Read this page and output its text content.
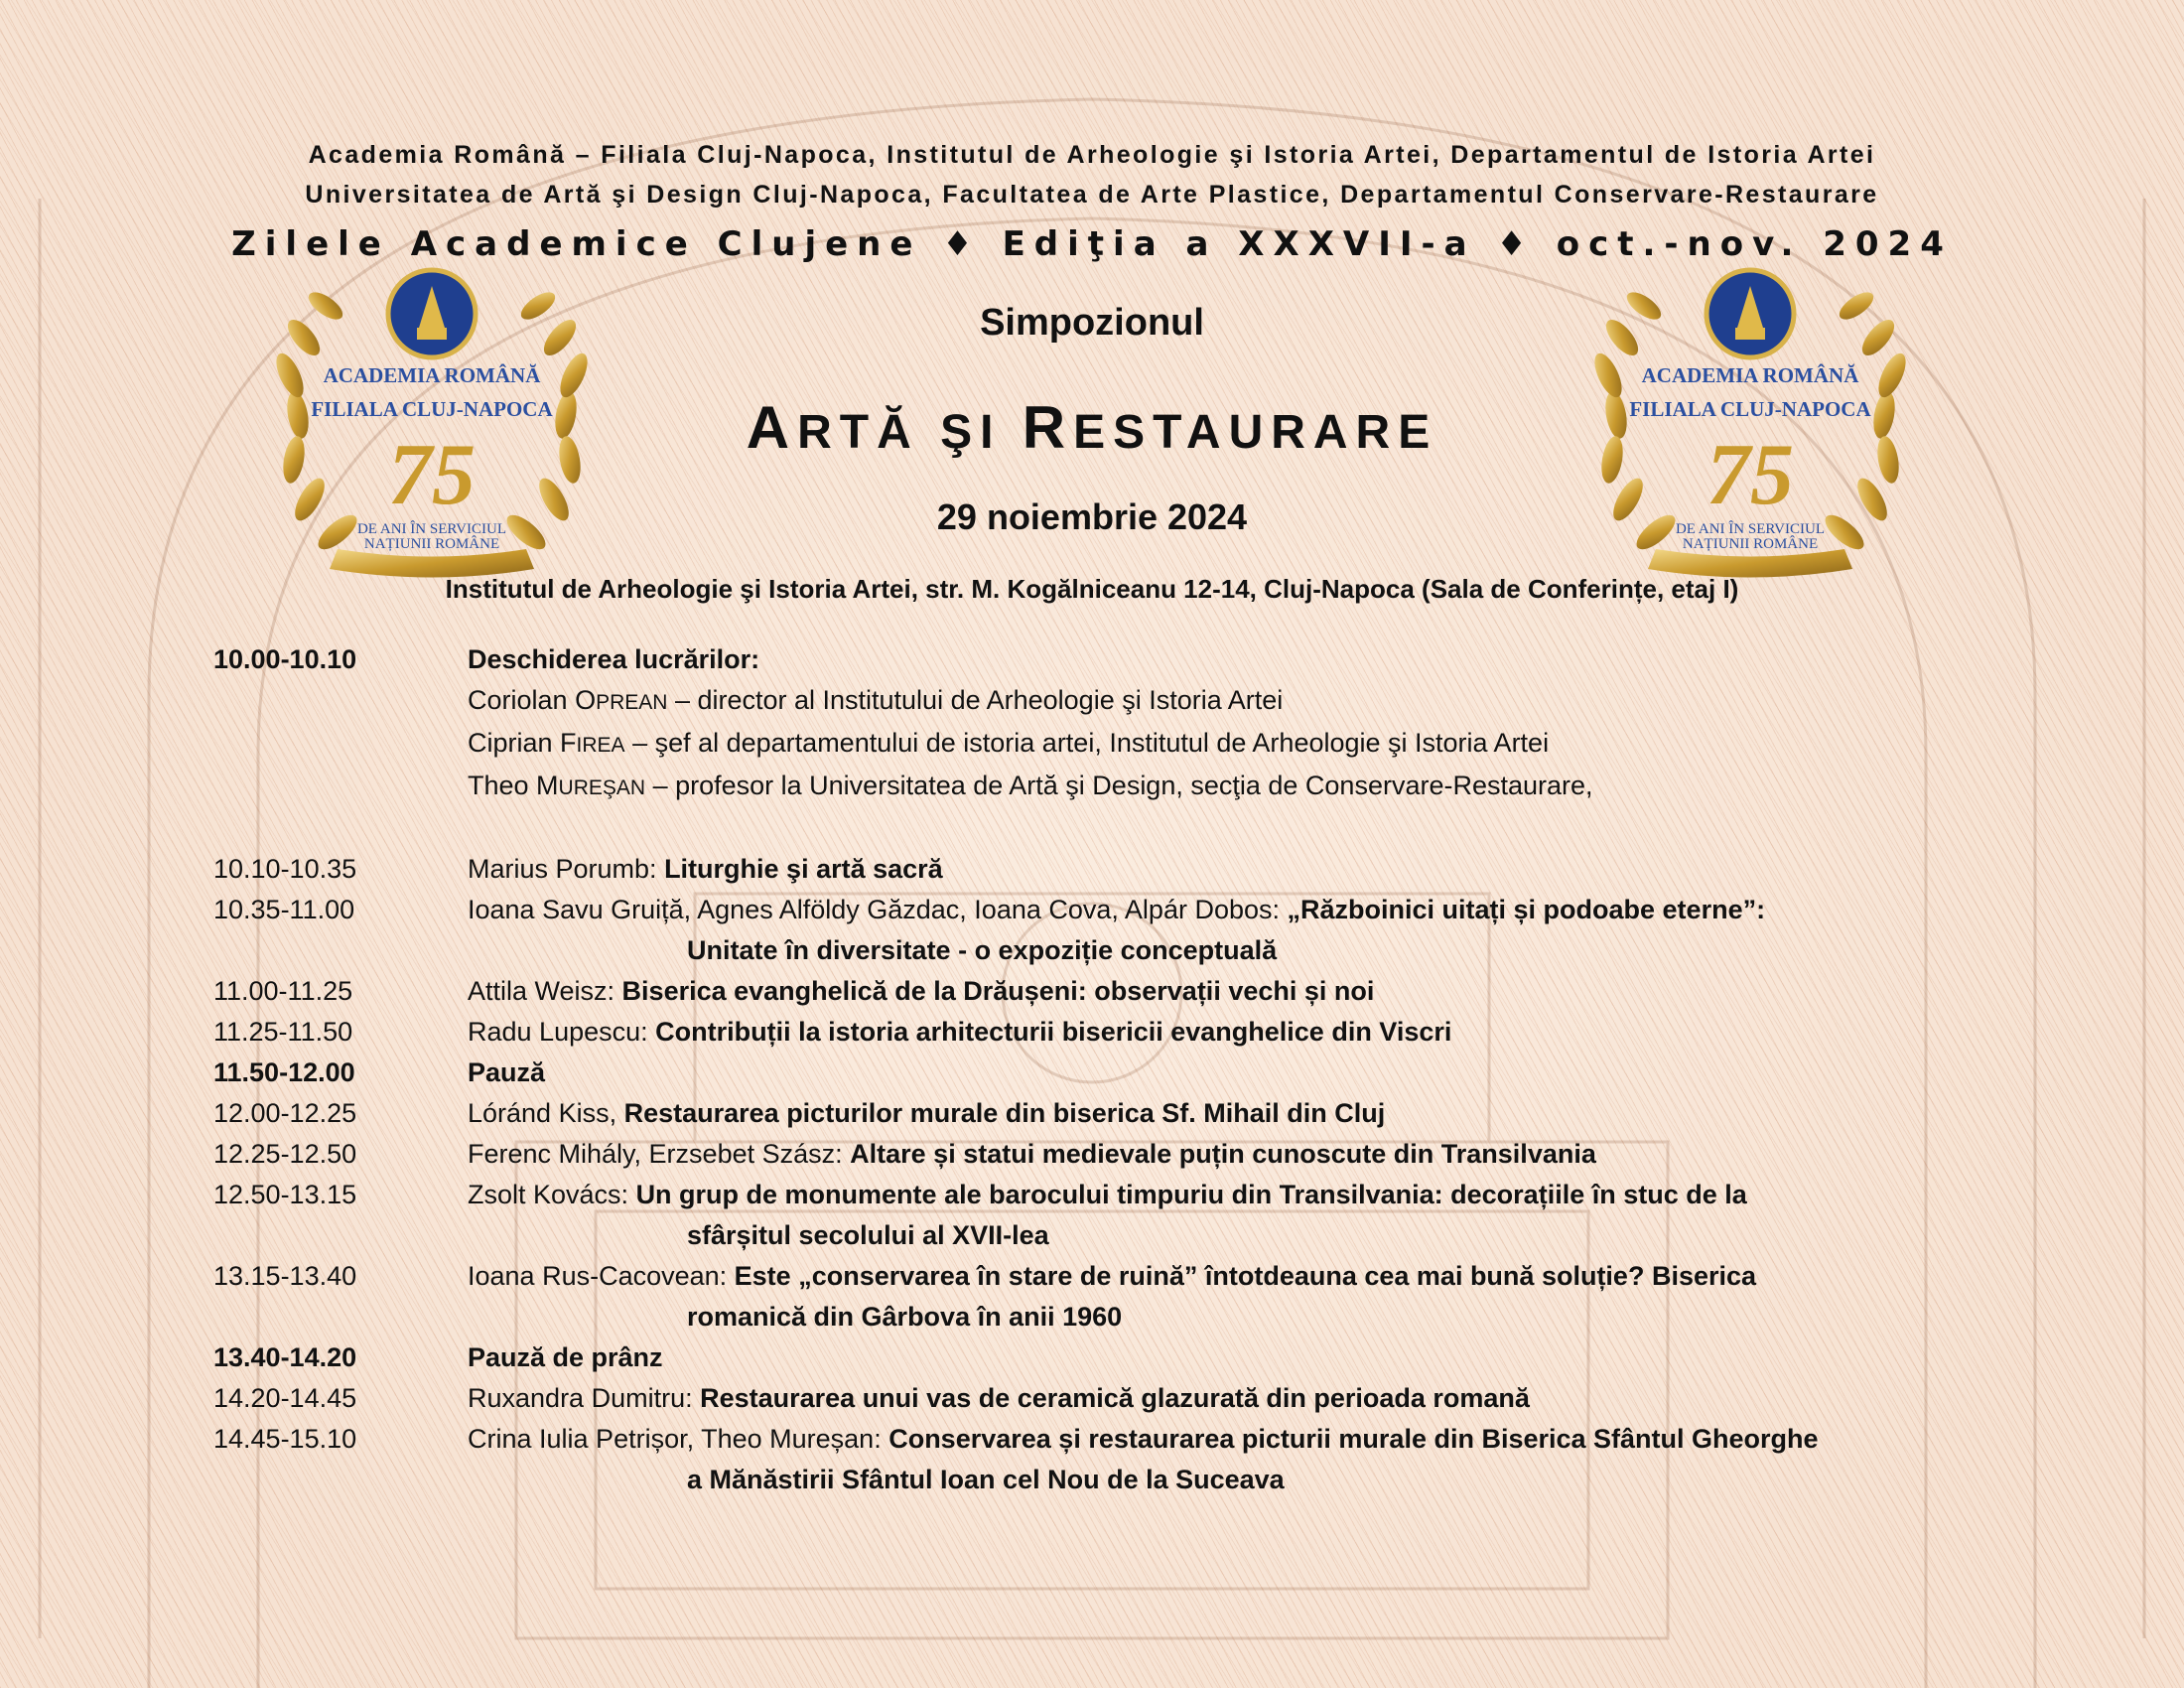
Academia Română – Filiala Cluj-Napoca, Institutul de Arheologie şi Istoria Artei, Departamentul de Istoria Artei
Universitatea de Artă şi Design Cluj-Napoca, Facultatea de Arte Plastice, Departamentul Conservare-Restaurare
Zilele Academice Clujene ♦ Ediţia a XXXVII-a ♦ oct.-nov. 2024
ACADEMIA ROMÂNĂ
FILIALA CLUJ-NAPOCA
75
DE ANI ÎN SERVICIUL
NAȚIUNII ROMÂNE
ACADEMIA ROMÂNĂ
FILIALA CLUJ-NAPOCA
75
DE ANI ÎN SERVICIUL
NAȚIUNII ROMÂNE
Simpozionul
ARTĂ ŞI RESTAURARE
29 noiembrie 2024
Institutul de Arheologie şi Istoria Artei, str. M. Kogălniceanu 12-14, Cluj-Napoca (Sala de Conferințe, etaj I)
10.00-10.10	Deschiderea lucrărilor:
Coriolan OPREAN – director al Institutului de Arheologie şi Istoria Artei
Ciprian FIREA – şef al departamentului de istoria artei, Institutul de Arheologie şi Istoria Artei
Theo MUREŞAN – profesor la Universitatea de Artă şi Design, secţia de Conservare-Restaurare,
10.10-10.35	Marius Porumb: Liturghie şi artă sacră
10.35-11.00	Ioana Savu Gruiță, Agnes Alföldy Găzdac, Ioana Cova, Alpár Dobos: „Războinici uitați și podoabe eterne”:
Unitate în diversitate - o expoziție conceptuală
11.00-11.25	Attila Weisz: Biserica evanghelică de la Drăușeni: observații vechi și noi
11.25-11.50	Radu Lupescu: Contribuții la istoria arhitecturii bisericii evanghelice din Viscri
11.50-12.00	Pauză
12.00-12.25	Lóránd Kiss, Restaurarea picturilor murale din biserica Sf. Mihail din Cluj
12.25-12.50	Ferenc Mihály, Erzsebet Szász: Altare și statui medievale puțin cunoscute din Transilvania
12.50-13.15	Zsolt Kovács: Un grup de monumente ale barocului timpuriu din Transilvania: decorațiile în stuc de la
sfârșitul secolului al XVII-lea
13.15-13.40	Ioana Rus-Cacovean: Este „conservarea în stare de ruină” întotdeauna cea mai bună soluție? Biserica
romanică din Gârbova în anii 1960
13.40-14.20	Pauză de prânz
14.20-14.45	Ruxandra Dumitru: Restaurarea unui vas de ceramică glazurată din perioada romană
14.45-15.10	Crina Iulia Petrișor, Theo Mureșan: Conservarea și restaurarea picturii murale din Biserica Sfântul Gheorghe
a Mănăstirii Sfântul Ioan cel Nou de la Suceava
